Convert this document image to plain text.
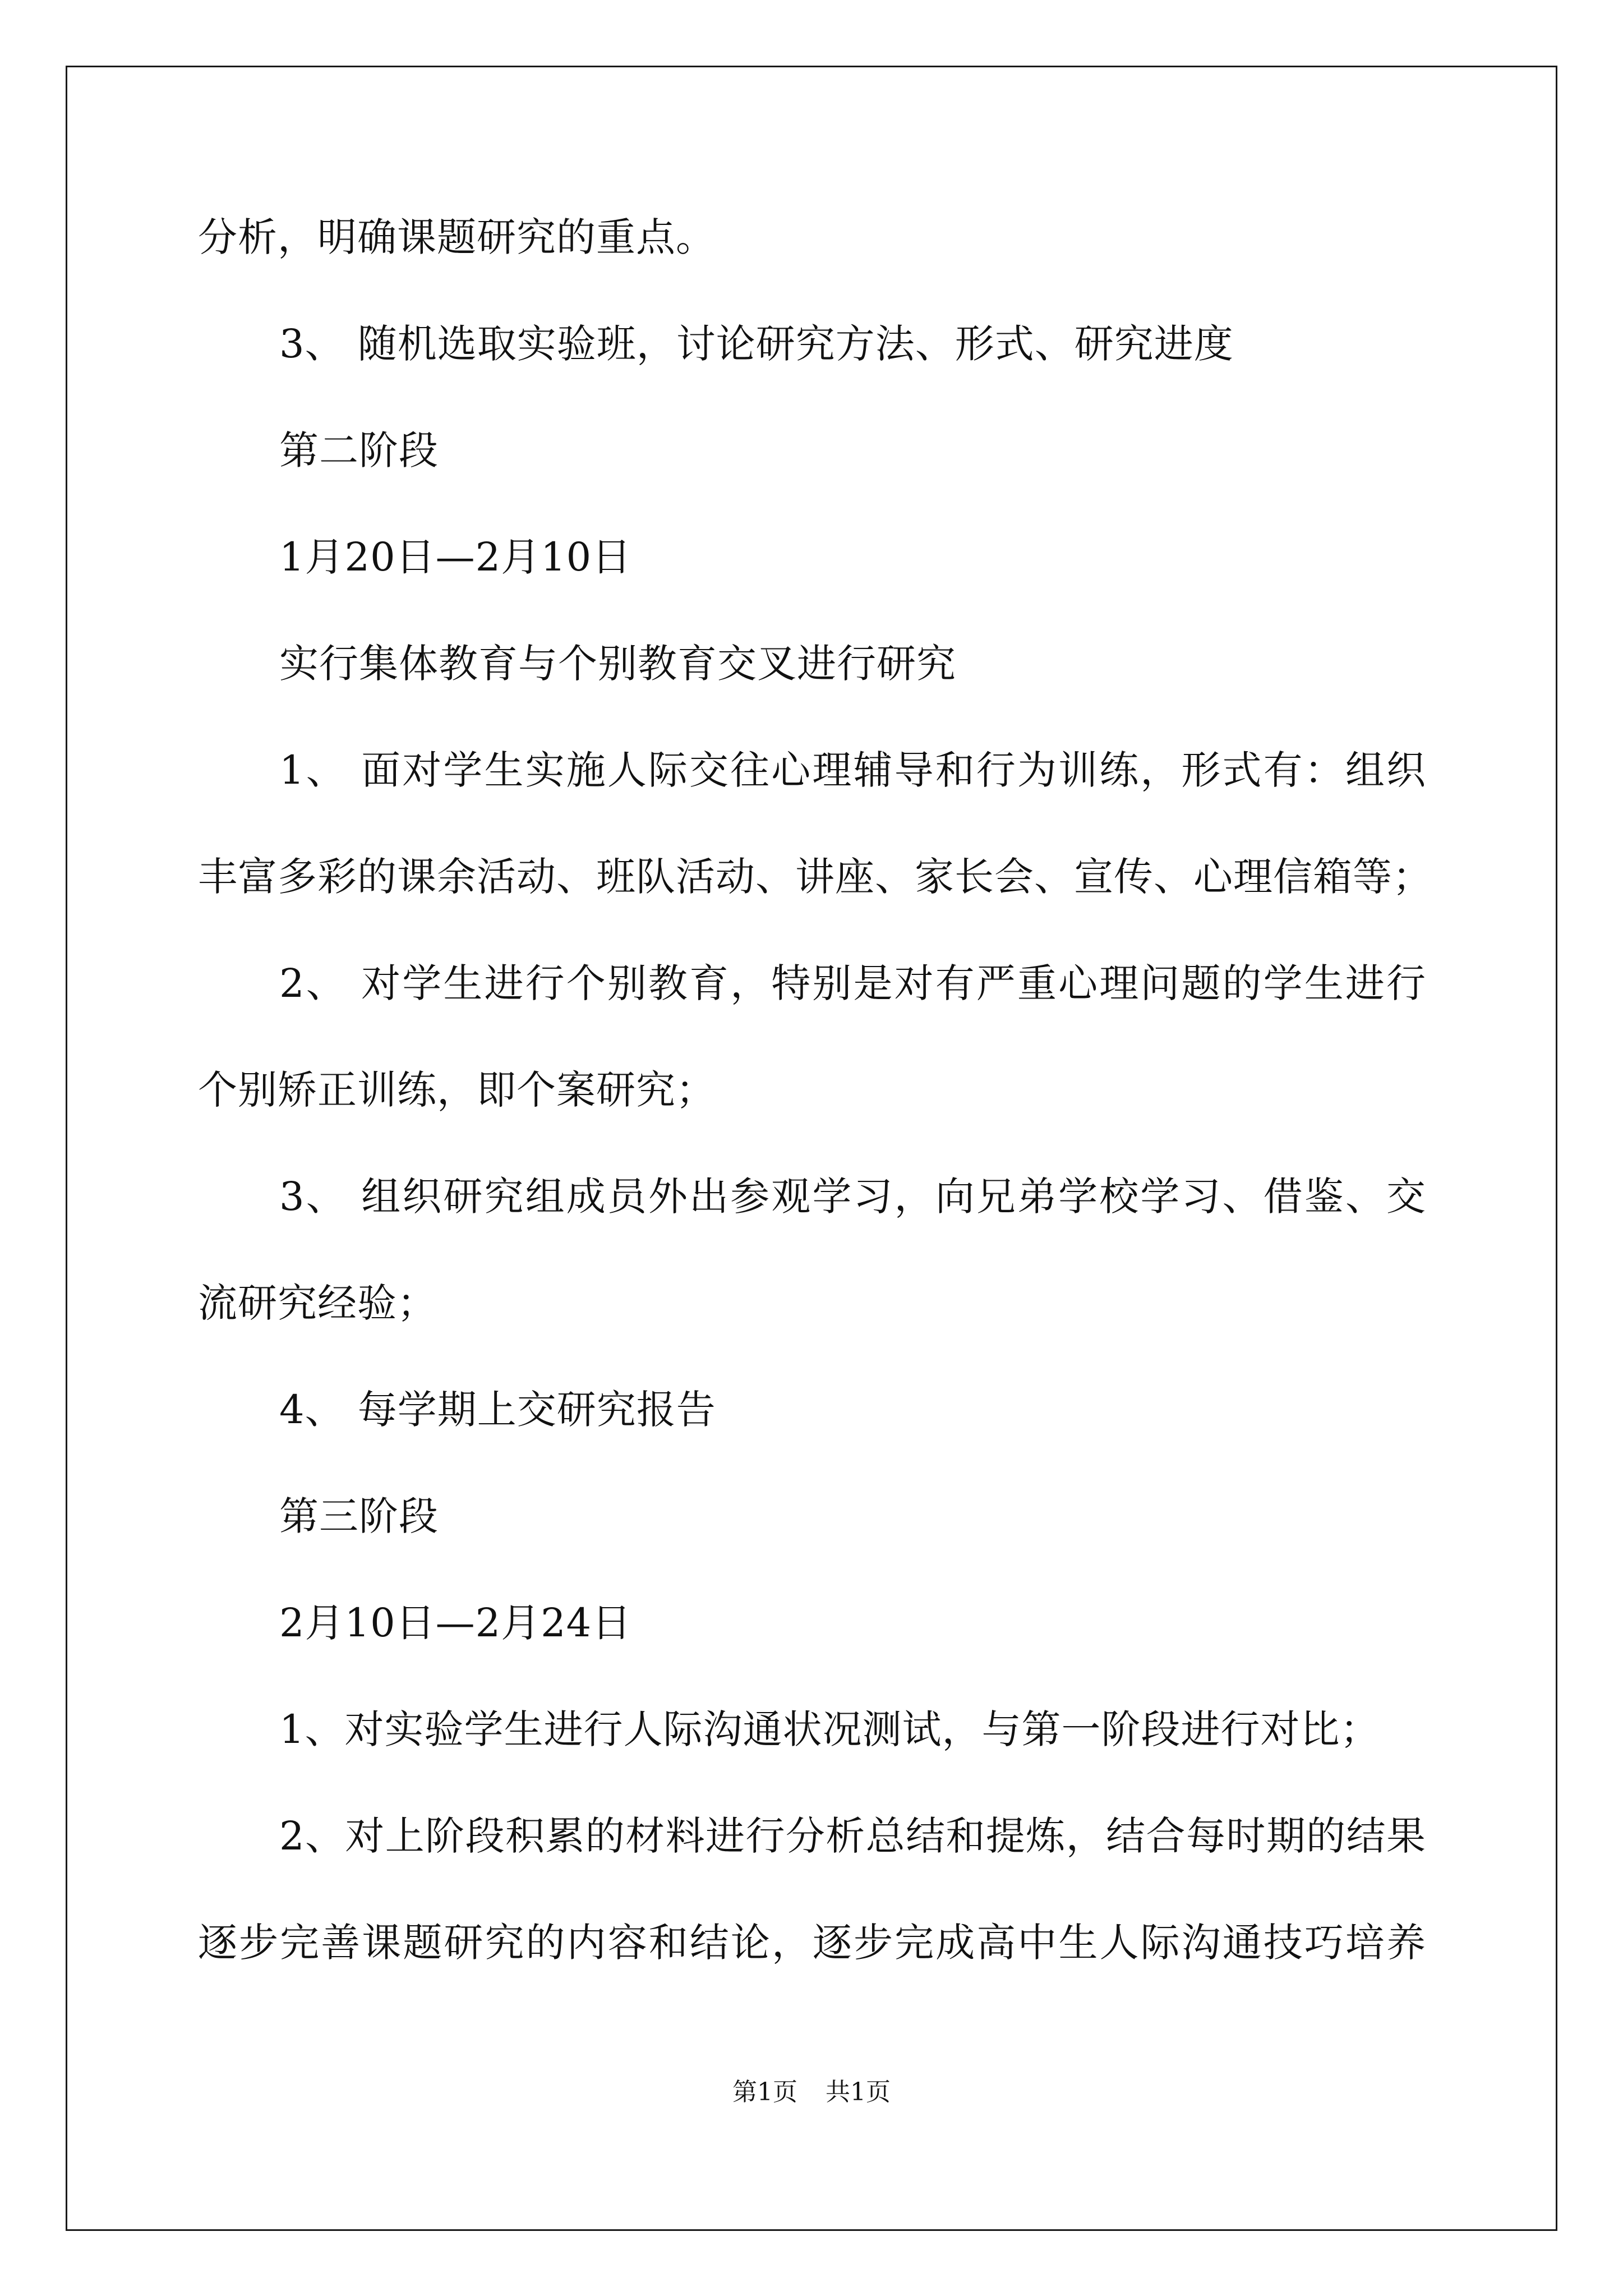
分析，明确课题研究的重点。
3、 随机选取实验班，讨论研究方法、形式、研究进度
第二阶段
1月20日—2月10日
实行集体教育与个别教育交叉进行研究
1、 面对学生实施人际交往心理辅导和行为训练，形式有：组织
丰富多彩的课余活动、班队活动、讲座、家长会、宣传、心理信箱等；
2、 对学生进行个别教育，特别是对有严重心理问题的学生进行
个别矫正训练，即个案研究；
3、 组织研究组成员外出参观学习，向兄弟学校学习、借鉴、交
流研究经验；
4、 每学期上交研究报告
第三阶段
2月10日—2月24日
1、对实验学生进行人际沟通状况测试，与第一阶段进行对比；
2、对上阶段积累的材料进行分析总结和提炼，结合每时期的结果
逐步完善课题研究的内容和结论，逐步完成高中生人际沟通技巧培养
第1页 共1页
